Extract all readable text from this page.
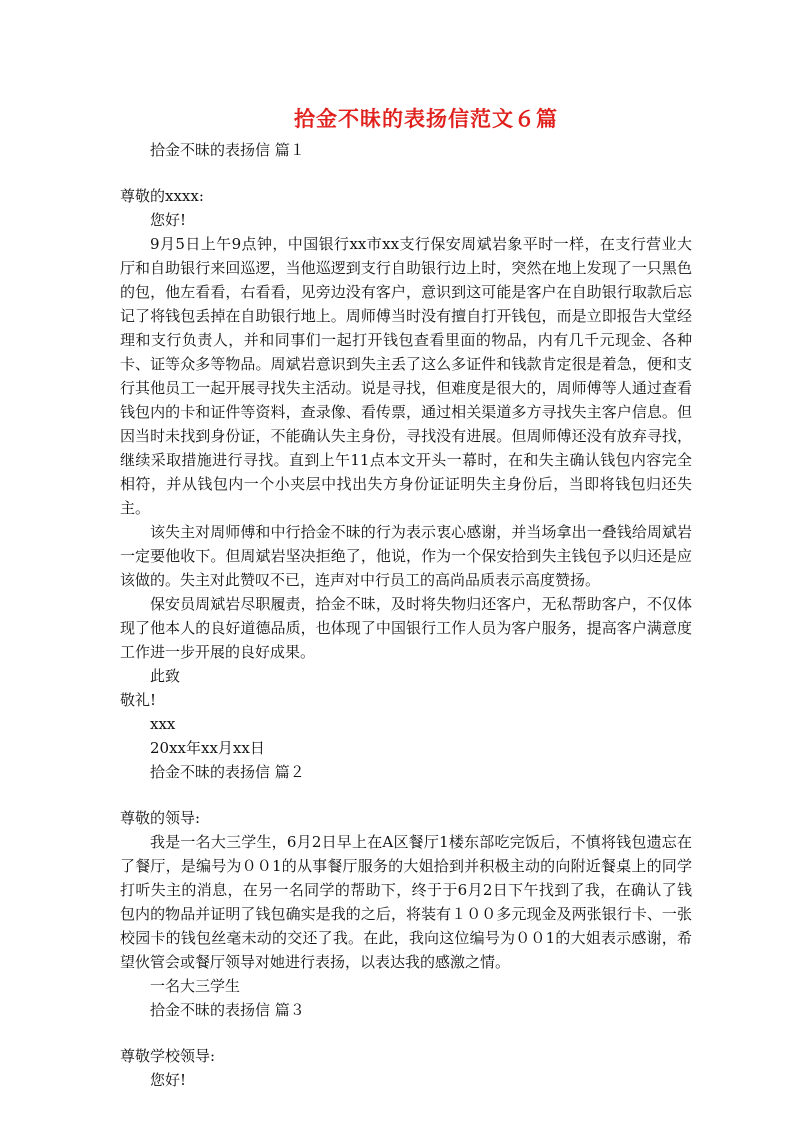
拾金不昧的表扬信范文６篇

拾金不昧的表扬信 篇１

尊敬的xxxx:

您好!

9月5日上午9点钟，中国银行xx市xx支行保安周斌岩象平时一样，在支行营业大厅和自助银行来回巡逻，当他巡逻到支行自助银行边上时，突然在地上发现了一只黑色的包，他左看看，右看看，见旁边没有客户，意识到这可能是客户在自助银行取款后忘记了将钱包丢掉在自助银行地上。周师傅当时没有擅自打开钱包，而是立即报告大堂经理和支行负责人，并和同事们一起打开钱包查看里面的物品，内有几千元现金、各种卡、证等众多等物品。周斌岩意识到失主丢了这么多证件和钱款肯定很是着急，便和支行其他员工一起开展寻找失主活动。说是寻找，但难度是很大的，周师傅等人通过查看钱包内的卡和证件等资料，查录像、看传票，通过相关渠道多方寻找失主客户信息。但因当时未找到身份证，不能确认失主身份，寻找没有进展。但周师傅还没有放弃寻找，继续采取措施进行寻找。直到上午11点本文开头一幕时，在和失主确认钱包内容完全相符，并从钱包内一个小夹层中找出失方身份证证明失主身份后，当即将钱包归还失主。

该失主对周师傅和中行拾金不昧的行为表示衷心感谢，并当场拿出一叠钱给周斌岩一定要他收下。但周斌岩坚决拒绝了，他说，作为一个保安拾到失主钱包予以归还是应该做的。失主对此赞叹不已，连声对中行员工的高尚品质表示高度赞扬。

保安员周斌岩尽职履责，拾金不昧，及时将失物归还客户，无私帮助客户，不仅体现了他本人的良好道德品质，也体现了中国银行工作人员为客户服务，提高客户满意度工作进一步开展的良好成果。

此致

敬礼!

xxx

20xx年xx月xx日

拾金不昧的表扬信 篇２

尊敬的领导:

我是一名大三学生，6月2日早上在A区餐厅1楼东部吃完饭后，不慎将钱包遗忘在了餐厅，是编号为００1的从事餐厅服务的大姐拾到并积极主动的向附近餐桌上的同学打听失主的消息，在另一名同学的帮助下，终于于6月2日下午找到了我，在确认了钱包内的物品并证明了钱包确实是我的之后，将装有１００多元现金及两张银行卡、一张校园卡的钱包丝毫未动的交还了我。在此，我向这位编号为００1的大姐表示感谢，希望伙管会或餐厅领导对她进行表扬，以表达我的感激之情。

一名大三学生

拾金不昧的表扬信 篇３

尊敬学校领导:

您好!
